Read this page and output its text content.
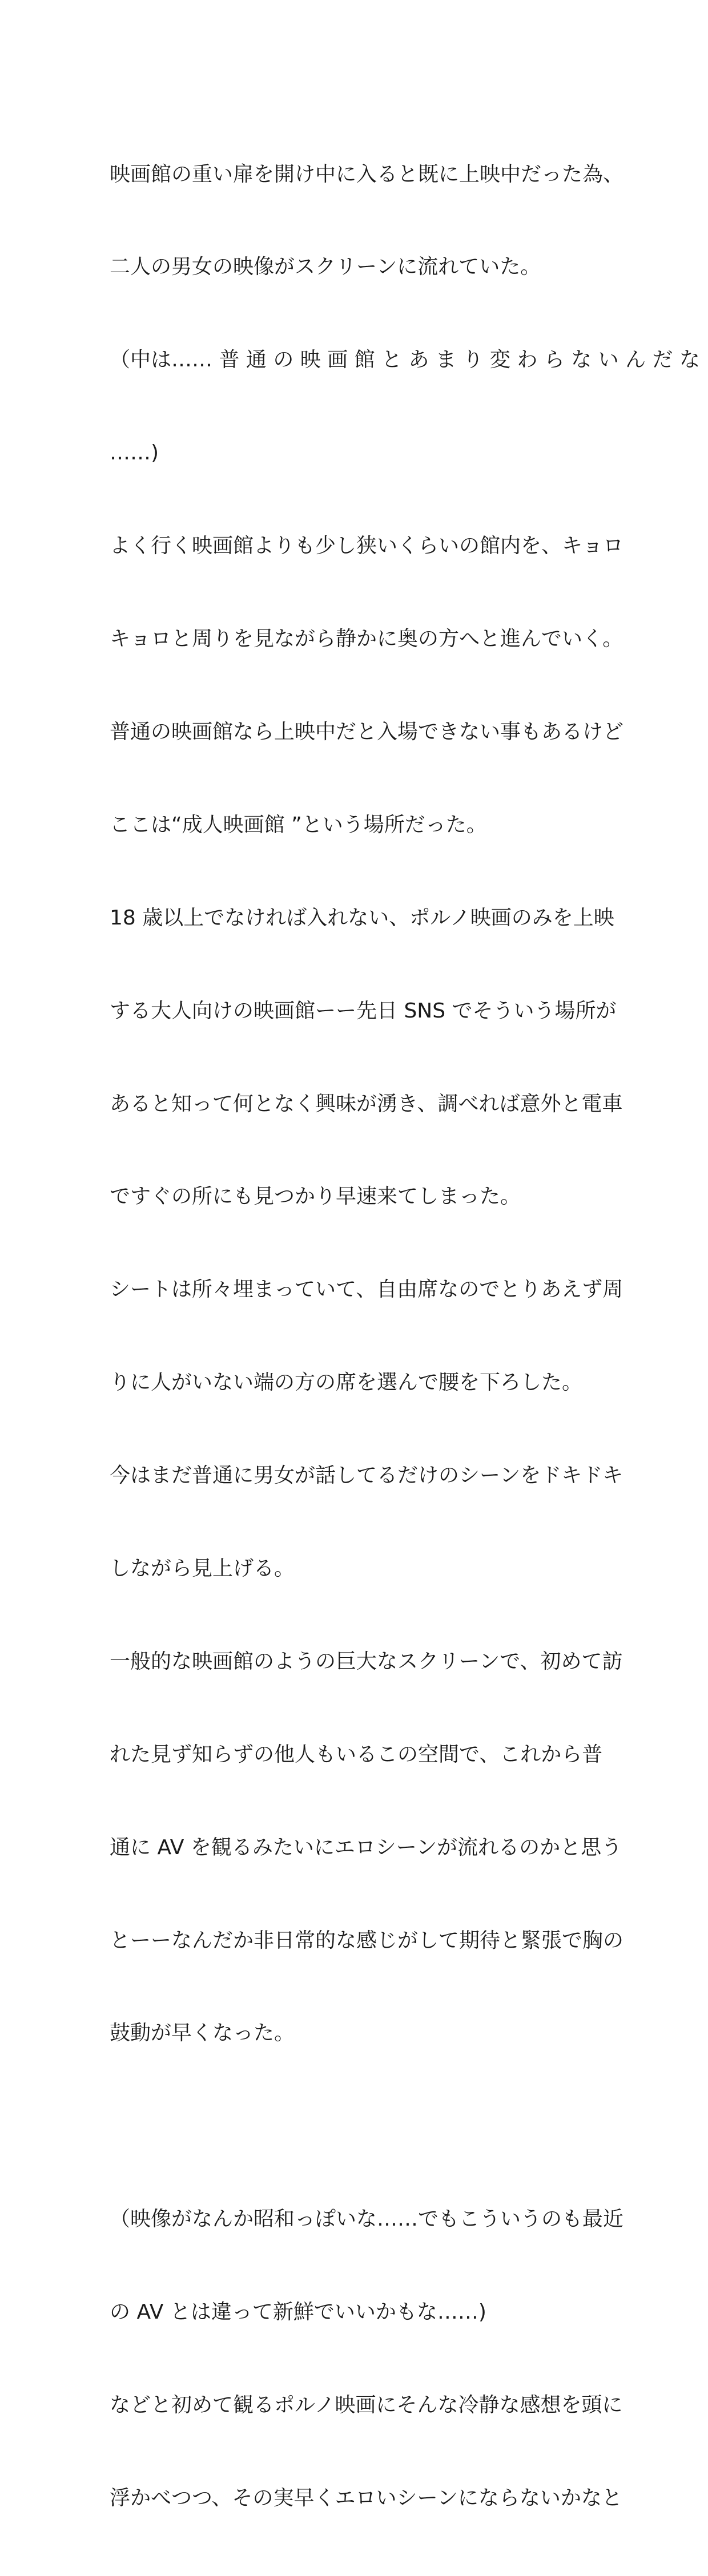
映画館の重い扉を開け中に入ると既に上映中だった為、

二人の男女の映像がスクリーンに流れていた。

（中は…… 普 通 の 映 画 館 と あ ま り 変 わ ら な い ん だ な

……)

よく行く映画館よりも少し狭いくらいの館内を、キョロ

キョロと周りを見ながら静かに奥の方へと進んでいく。

普通の映画館なら上映中だと入場できない事もあるけど

ここは“成人映画館 ”という場所だった。

18 歳以上でなければ入れない、ポルノ映画のみを上映

する大人向けの映画館ーー先日 SNS でそういう場所が

あると知って何となく興味が湧き、調べれば意外と電車

ですぐの所にも見つかり早速来てしまった。

シートは所々埋まっていて、自由席なのでとりあえず周

りに人がいない端の方の席を選んで腰を下ろした。

今はまだ普通に男女が話してるだけのシーンをドキドキ

しながら見上げる。

一般的な映画館のようの巨大なスクリーンで、初めて訪

れた見ず知らずの他人もいるこの空間で、これから普

通に AV を観るみたいにエロシーンが流れるのかと思う

とーーなんだか非日常的な感じがして期待と緊張で胸の

鼓動が早くなった。

（映像がなんか昭和っぽいな……でもこういうのも最近

の AV とは違って新鮮でいいかもな……)

などと初めて観るポルノ映画にそんな冷静な感想を頭に

浮かべつつ、その実早くエロいシーンにならないかなと
